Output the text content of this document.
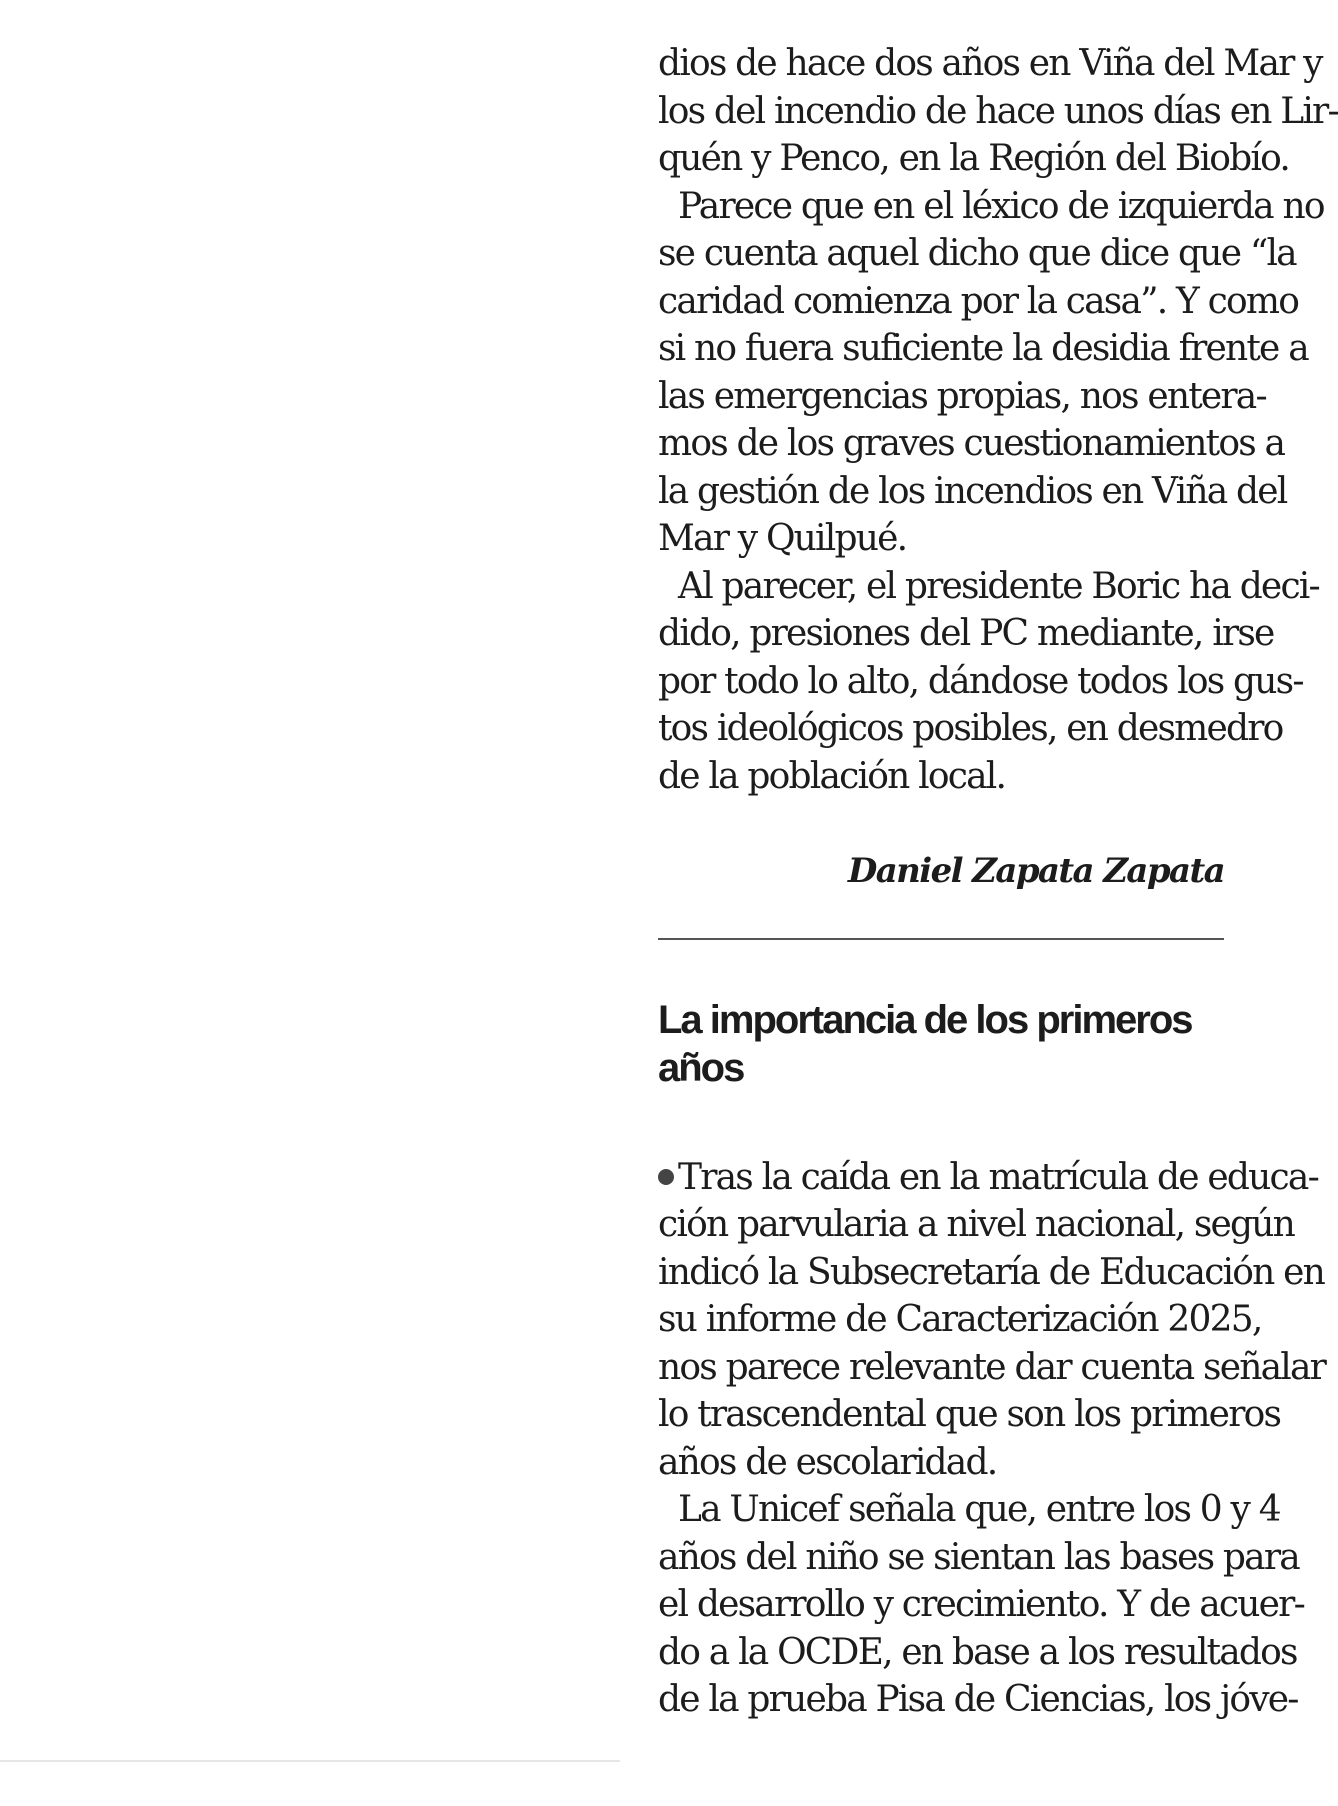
dios de hace dos años en Viña del Mar y
los del incendio de hace unos días en Lir-
quén y Penco, en la Región del Biobío.
Parece que en el léxico de izquierda no
se cuenta aquel dicho que dice que “la
caridad comienza por la casa”. Y como
si no fuera suficiente la desidia frente a
las emergencias propias, nos entera-
mos de los graves cuestionamientos a
la gestión de los incendios en Viña del
Mar y Quilpué.
Al parecer, el presidente Boric ha deci-
dido, presiones del PC mediante, irse
por todo lo alto, dándose todos los gus-
tos ideológicos posibles, en desmedro
de la población local.
Daniel Zapata Zapata
La importancia de los primeros
años
Tras la caída en la matrícula de educa-
ción parvularia a nivel nacional, según
indicó la Subsecretaría de Educación en
su informe de Caracterización 2025,
nos parece relevante dar cuenta señalar
lo trascendental que son los primeros
años de escolaridad.
La Unicef señala que, entre los 0 y 4
años del niño se sientan las bases para
el desarrollo y crecimiento. Y de acuer-
do a la OCDE, en base a los resultados
de la prueba Pisa de Ciencias, los jóve-
